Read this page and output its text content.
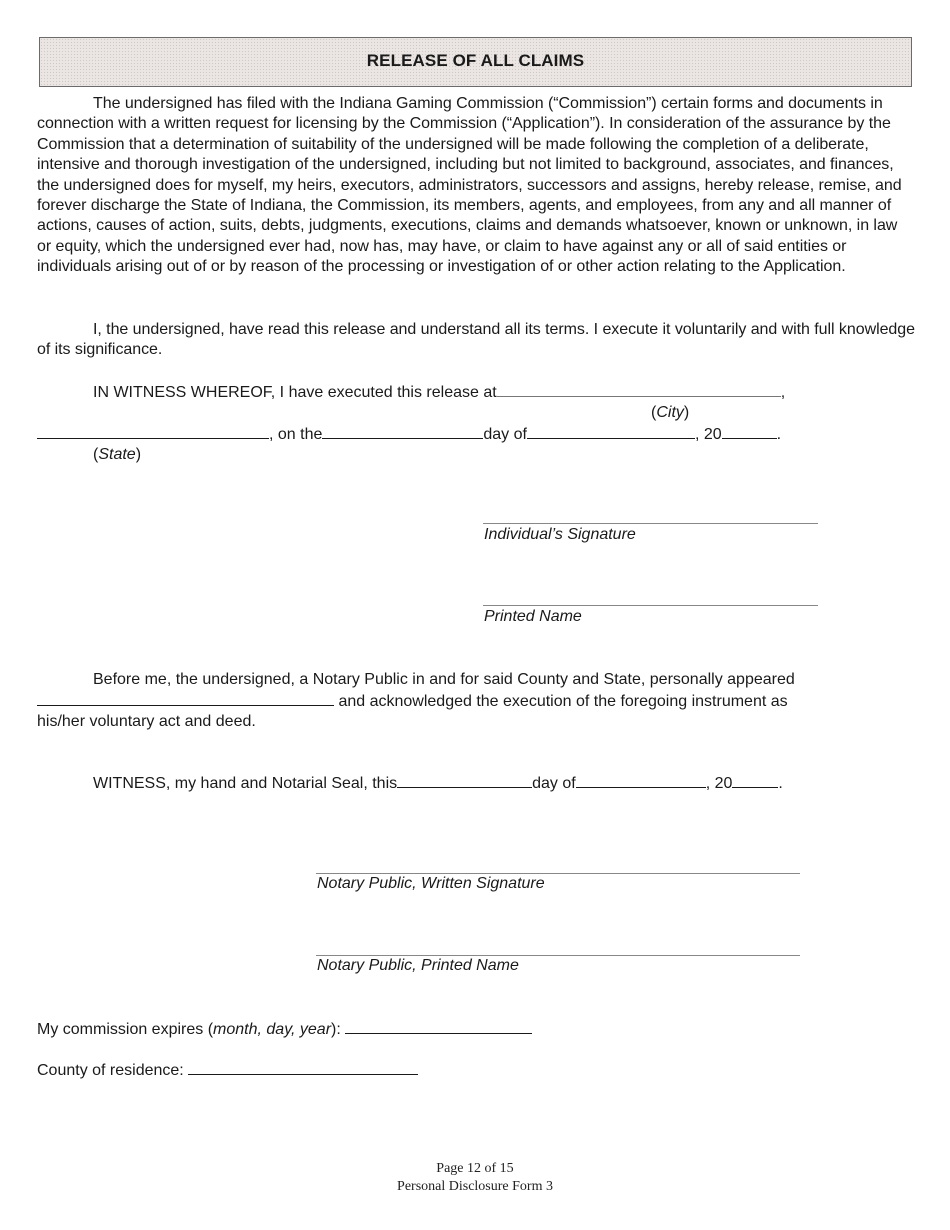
RELEASE OF ALL CLAIMS

The undersigned has filed with the Indiana Gaming Commission (“Commission”) certain forms and documents in connection with a written request for licensing by the Commission (“Application”). In consideration of the assurance by the Commission that a determination of suitability of the undersigned will be made following the completion of a deliberate, intensive and thorough investigation of the undersigned, including but not limited to background, associates, and finances, the undersigned does for myself, my heirs, executors, administrators, successors and assigns, hereby release, remise, and forever discharge the State of Indiana, the Commission, its members, agents, and employees, from any and all manner of actions, causes of action, suits, debts, judgments, executions, claims and demands whatsoever, known or unknown, in law or equity, which the undersigned ever had, now has, may have, or claim to have against any or all of said entities or individuals arising out of or by reason of the processing or investigation of or other action relating to the Application.

I, the undersigned, have read this release and understand all its terms. I execute it voluntarily and with full knowledge of its significance.

IN WITNESS WHEREOF, I have executed this release at	,
(City)
, on the	day of	, 20	.
(State)
Individual’s Signature
Printed Name
Before me, the undersigned, a Notary Public in and for said County and State, personally appeared
and acknowledged the execution of the foregoing instrument as
his/her voluntary act and deed.
WITNESS, my hand and Notarial Seal, this	day of	, 20	.
Notary Public, Written Signature
Notary Public, Printed Name
My commission expires (month, day, year):
County of residence:
Page 12 of 15
Personal Disclosure Form 3
